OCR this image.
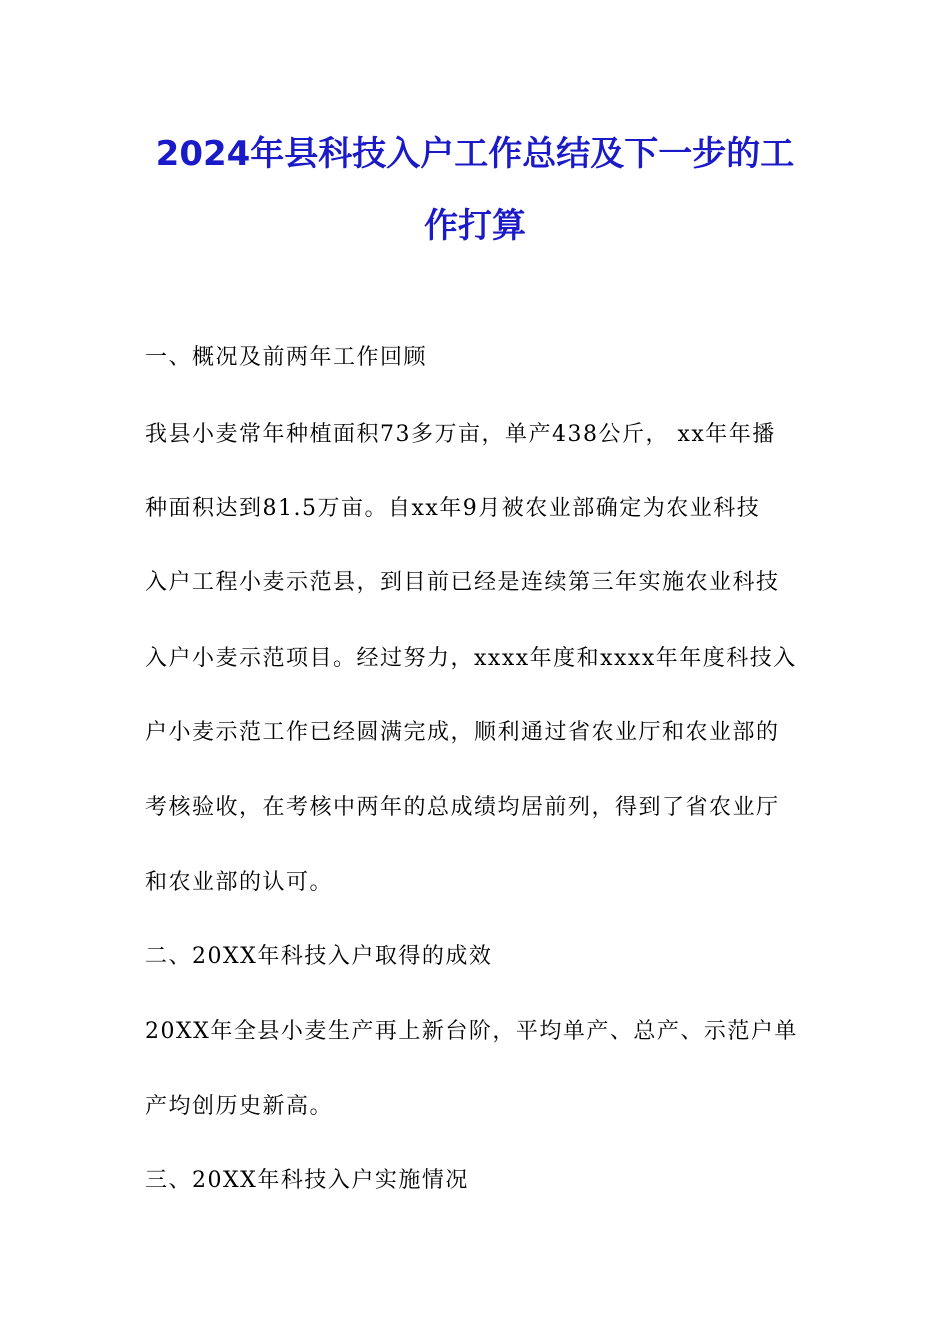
2024年县科技入户工作总结及下一步的工
作打算
一、概况及前两年工作回顾
我县小麦常年种植面积73多万亩，单产438公斤， xx年年播
种面积达到81.5万亩。自xx年9月被农业部确定为农业科技
入户工程小麦示范县，到目前已经是连续第三年实施农业科技
入户小麦示范项目。经过努力，xxxx年度和xxxx年年度科技入
户小麦示范工作已经圆满完成，顺利通过省农业厅和农业部的
考核验收，在考核中两年的总成绩均居前列，得到了省农业厅
和农业部的认可。
二、20XX年科技入户取得的成效
20XX年全县小麦生产再上新台阶，平均单产、总产、示范户单
产均创历史新高。
三、20XX年科技入户实施情况
